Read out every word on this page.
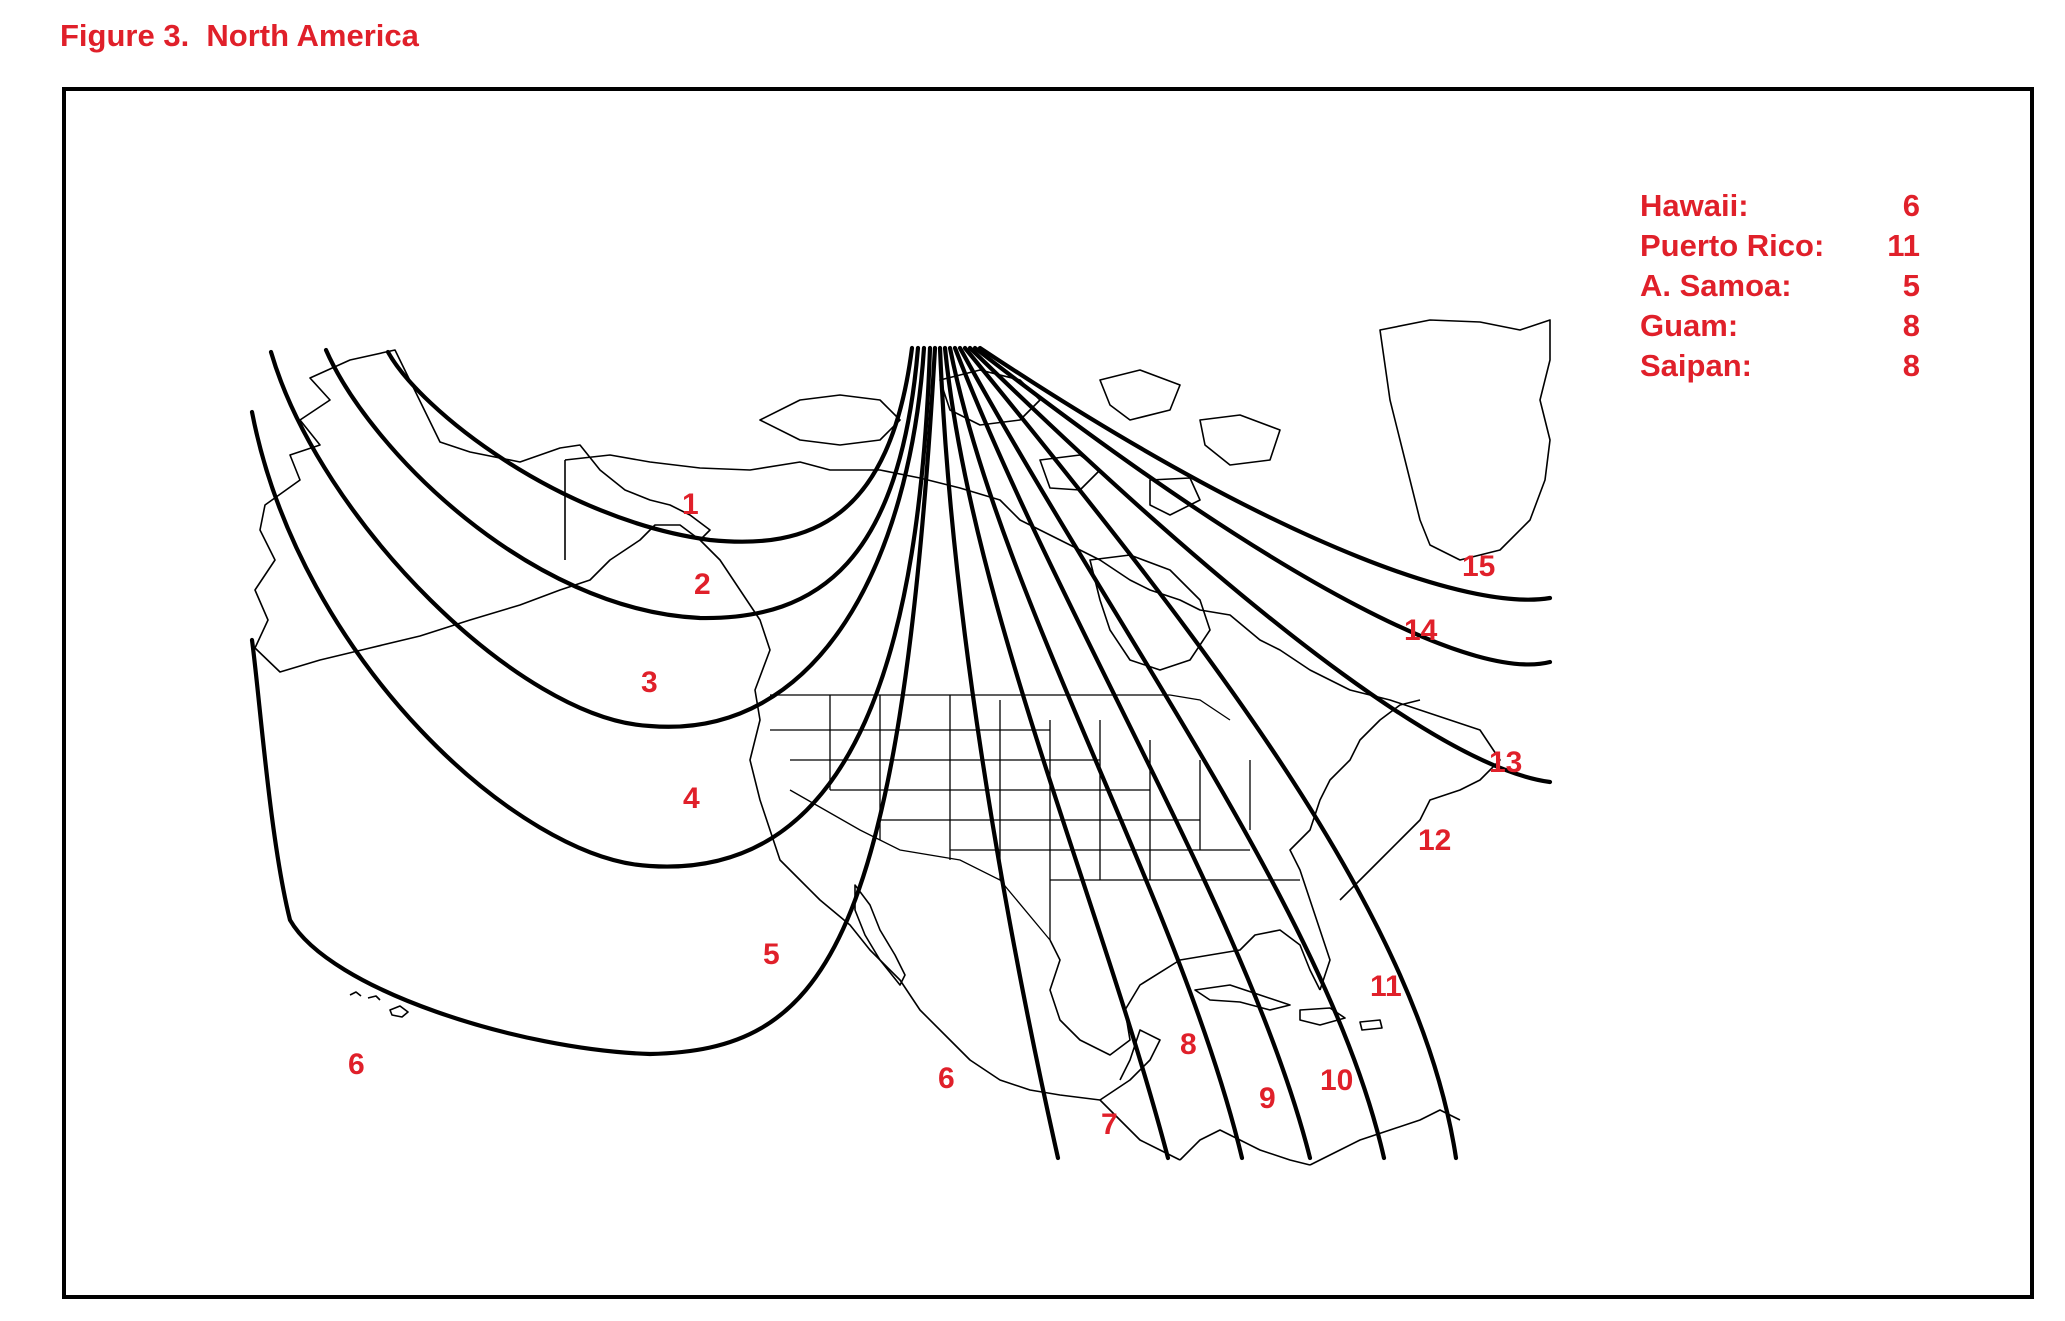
Figure 3.  North America
1
2
3
4
5
6	6
7
8
9
10
11
12
13
14
15
Hawaii:	6
Puerto Rico:	11
A. Samoa:	5
Guam:	8
Saipan:	8
